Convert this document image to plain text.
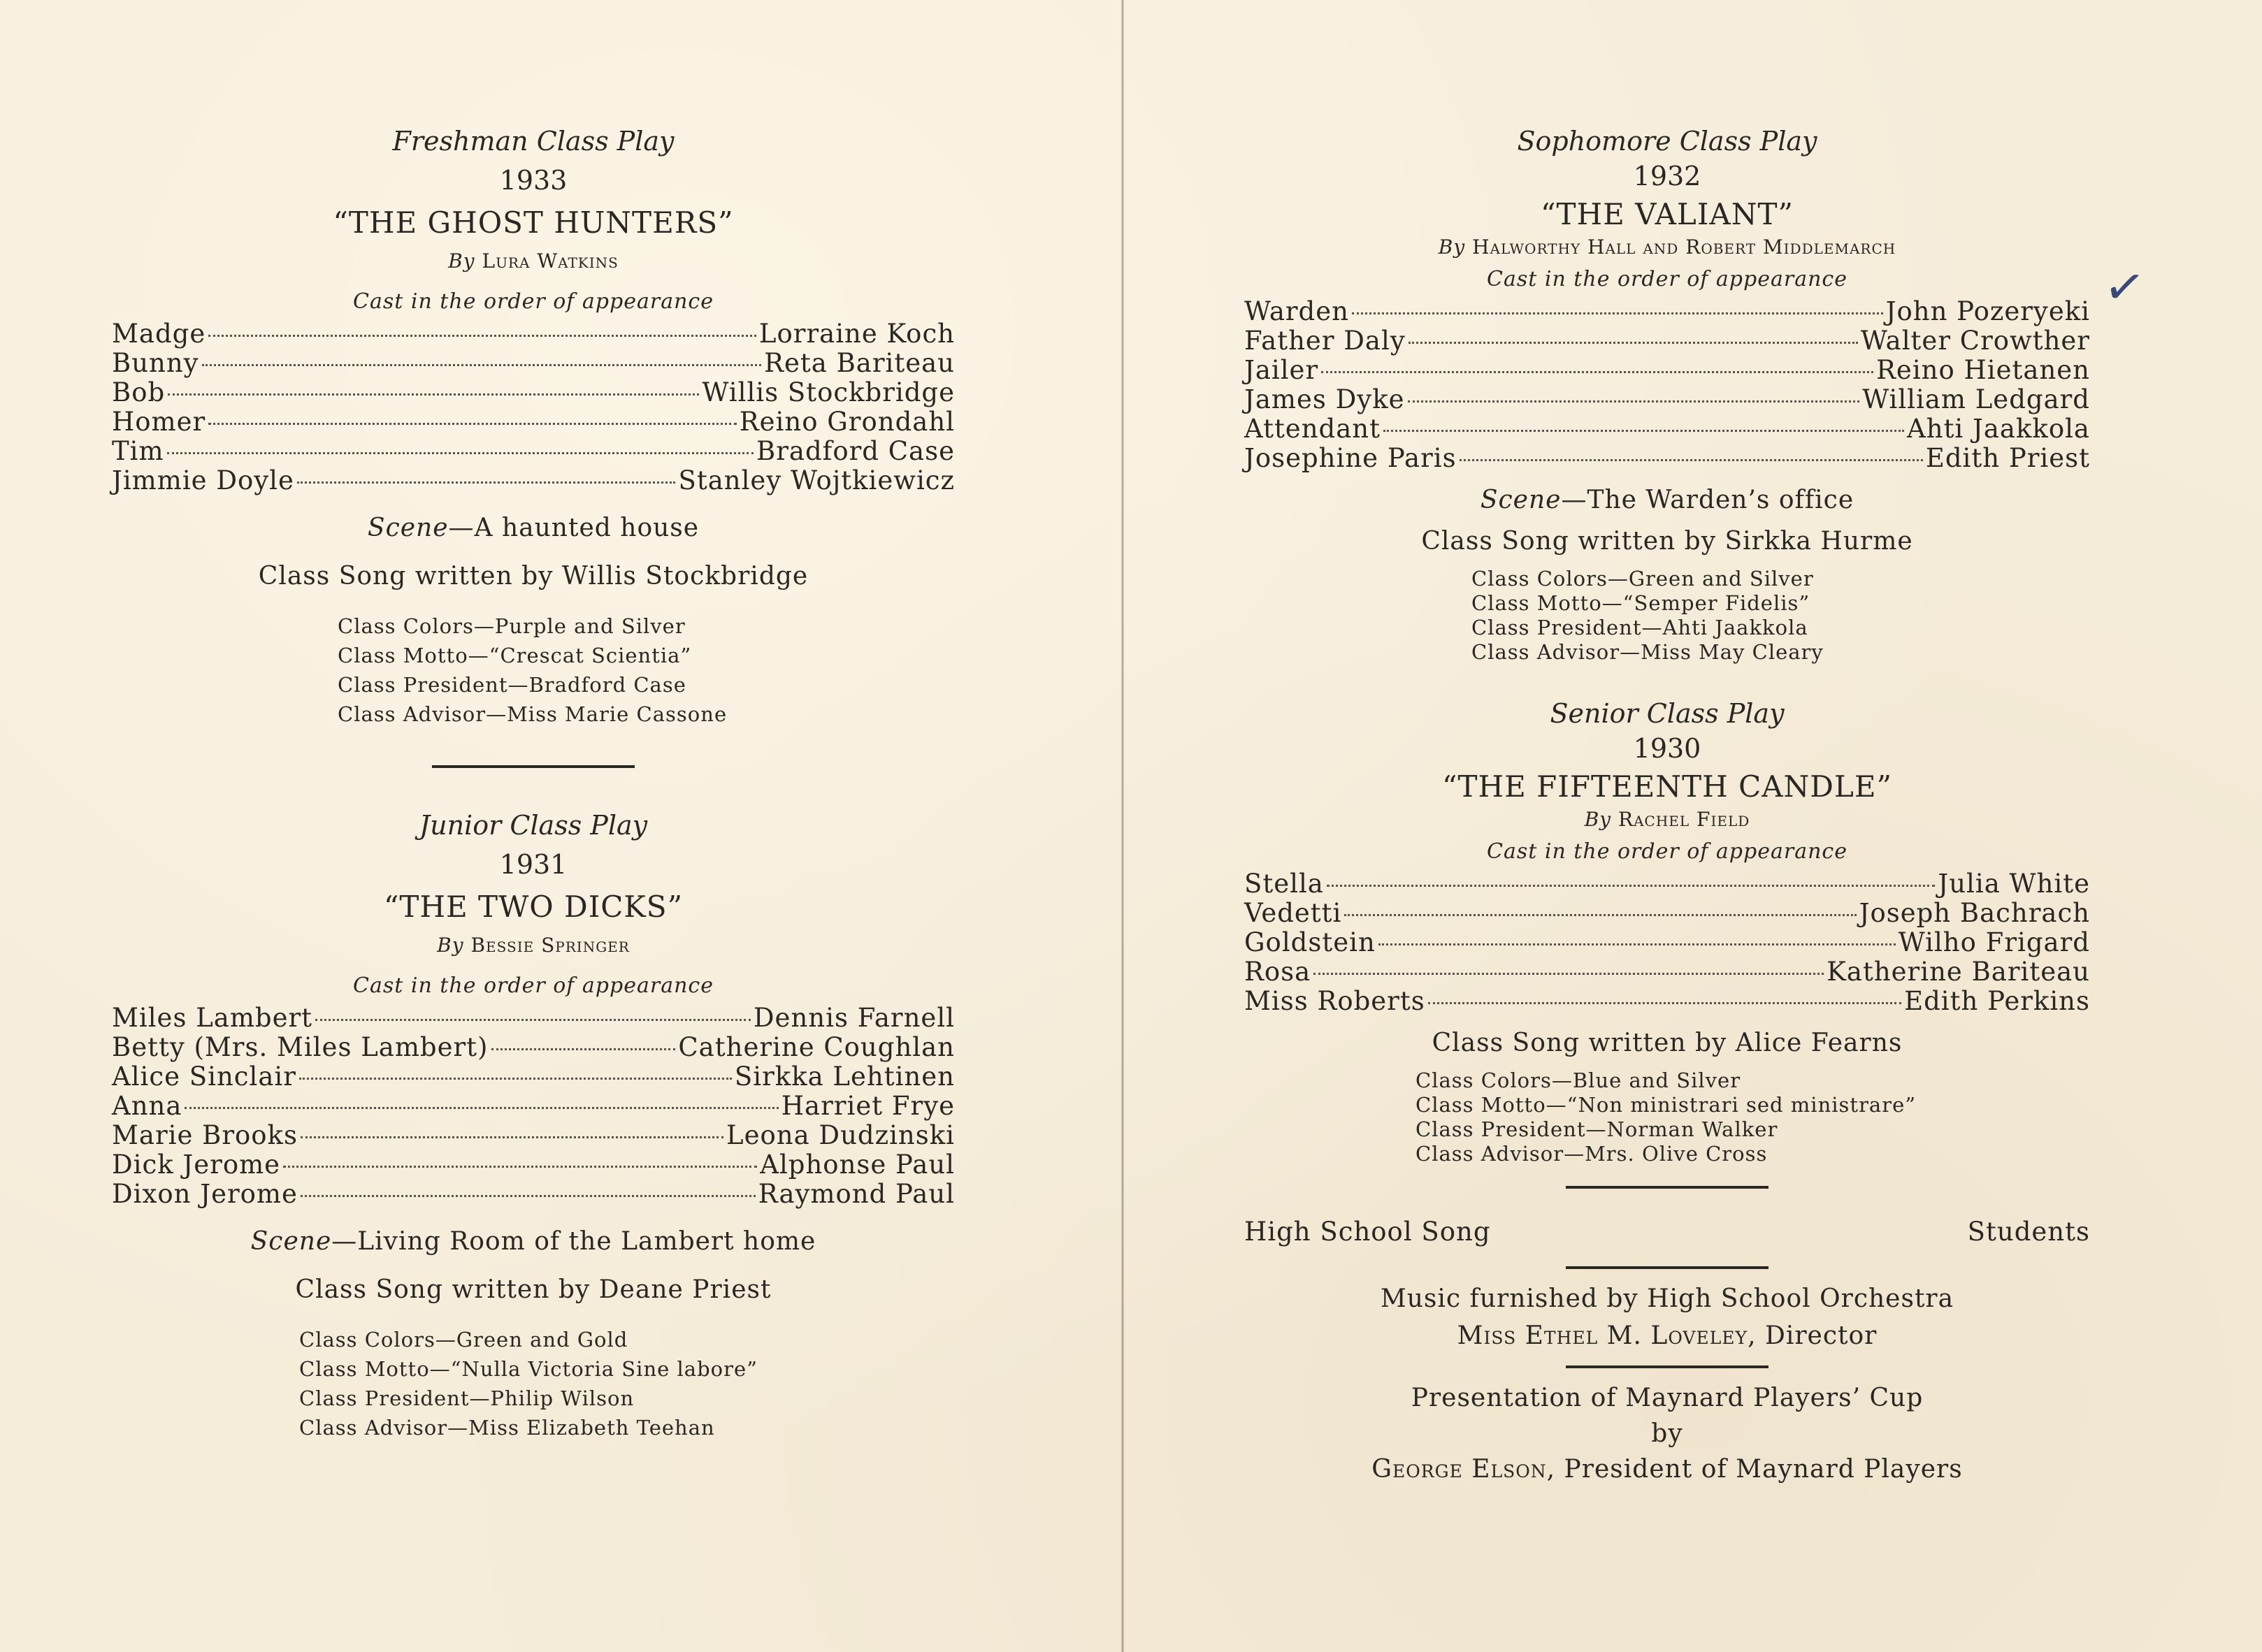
Freshman Class Play

1933

“THE GHOST HUNTERS”

By Lura Watkins

Cast in the order of appearance

Madge	Lorraine Koch
Bunny	Reta Bariteau
Bob	Willis Stockbridge
Homer	Reino Grondahl
Tim	Bradford Case
Jimmie Doyle	Stanley Wojtkiewicz

Scene—A haunted house

Class Song written by Willis Stockbridge

Class Colors—Purple and Silver
Class Motto—“Crescat Scientia”
Class President—Bradford Case
Class Advisor—Miss Marie Cassone

Junior Class Play

1931

“THE TWO DICKS”

By Bessie Springer

Cast in the order of appearance

Miles Lambert	Dennis Farnell
Betty (Mrs. Miles Lambert)	Catherine Coughlan
Alice Sinclair	Sirkka Lehtinen
Anna	Harriet Frye
Marie Brooks	Leona Dudzinski
Dick Jerome	Alphonse Paul
Dixon Jerome	Raymond Paul

Scene—Living Room of the Lambert home

Class Song written by Deane Priest

Class Colors—Green and Gold
Class Motto—“Nulla Victoria Sine labore”
Class President—Philip Wilson
Class Advisor—Miss Elizabeth Teehan

Sophomore Class Play

1932

“THE VALIANT”

By Halworthy Hall and Robert Middlemarch

Cast in the order of appearance

Warden	John Pozeryeki
Father Daly	Walter Crowther
Jailer	Reino Hietanen
James Dyke	William Ledgard
Attendant	Ahti Jaakkola
Josephine Paris	Edith Priest

Scene—The Warden’s office

Class Song written by Sirkka Hurme

Class Colors—Green and Silver
Class Motto—“Semper Fidelis”
Class President—Ahti Jaakkola
Class Advisor—Miss May Cleary

Senior Class Play

1930

“THE FIFTEENTH CANDLE”

By Rachel Field

Cast in the order of appearance

Stella	Julia White
Vedetti	Joseph Bachrach
Goldstein	Wilho Frigard
Rosa	Katherine Bariteau
Miss Roberts	Edith Perkins

Class Song written by Alice Fearns

Class Colors—Blue and Silver
Class Motto—“Non ministrari sed ministrare”
Class President—Norman Walker
Class Advisor—Mrs. Olive Cross
High School Song	Students

Music furnished by High School Orchestra

Miss Ethel M. Loveley, Director

Presentation of Maynard Players’ Cup

by

George Elson, President of Maynard Players

✓
